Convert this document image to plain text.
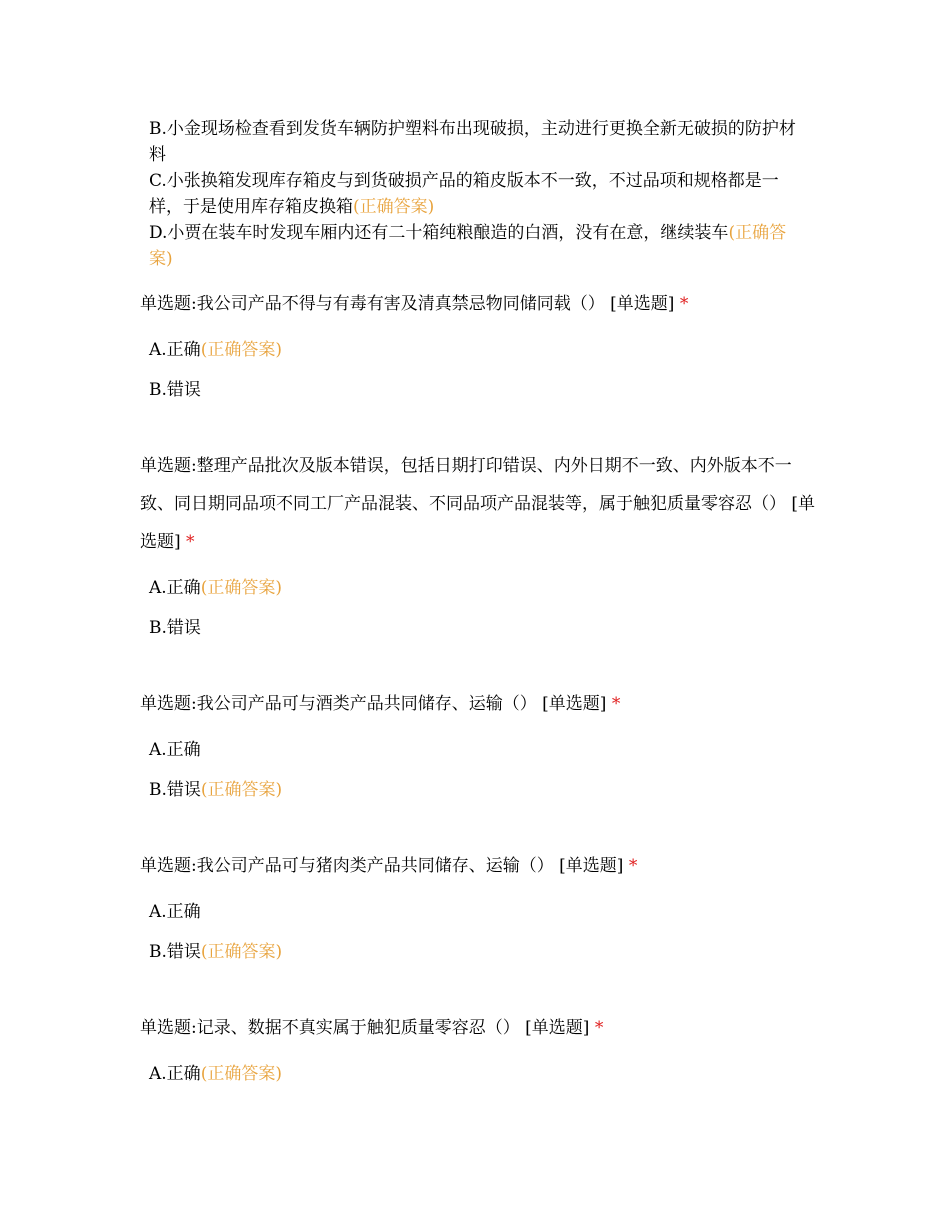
B.小金现场检查看到发货车辆防护塑料布出现破损，主动进行更换全新无破损的防护材料

C.小张换箱发现库存箱皮与到货破损产品的箱皮版本不一致，不过品项和规格都是一样，于是使用库存箱皮换箱(正确答案)

D.小贾在装车时发现车厢内还有二十箱纯粮酿造的白酒，没有在意，继续装车(正确答案)

单选题:我公司产品不得与有毒有害及清真禁忌物同储同载（） [单选题] *
A.正确(正确答案)
B.错误
单选题:整理产品批次及版本错误，包括日期打印错误、内外日期不一致、内外版本不一致、同日期同品项不同工厂产品混装、不同品项产品混装等，属于触犯质量零容忍（） [单选题] *
A.正确(正确答案)
B.错误
单选题:我公司产品可与酒类产品共同储存、运输（） [单选题] *
A.正确
B.错误(正确答案)
单选题:我公司产品可与猪肉类产品共同储存、运输（） [单选题] *
A.正确
B.错误(正确答案)
单选题:记录、数据不真实属于触犯质量零容忍（） [单选题] *
A.正确(正确答案)
